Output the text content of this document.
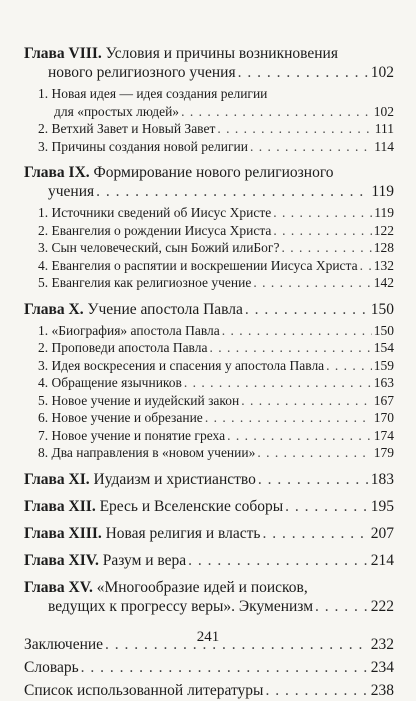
Глава VIII. Условия и причины возникновения
нового религиозного учения . . .	102
1. Новая идея — идея создания религии
для «простых людей» . . .	102
2. Ветхий Завет и Новый Завет . . .	111
3. Причины создания новой религии . . .	114
Глава IX. Формирование нового религиозного
учения . . .	119
1. Источники сведений об Иисус Христе . . .	119
2. Евангелия о рождении Иисуса Христа . . .	122
3. Сын человеческий, сын Божий илиБог? . . .	128
4. Евангелия о распятии и воскрешении Иисуса Христа . . . 132
5. Евангелия как религиозное учение . . .	142
Глава X. Учение апостола Павла . . .	150
1. «Биография» апостола Павла . . .	150
2. Проповеди апостола Павла . . .	154
3. Идея воскресения и спасения у апостола Павла . . .	159
4. Обращение язычников . . .	163
5. Новое учение и иудейский закон . . .	167
6. Новое учение и обрезание . . .	170
7. Новое учение и понятие греха . . .	174
8. Два направления в «новом учении» . . .	179
Глава XI. Иудаизм и христианство . . .	183
Глава XII. Ересь и Вселенские соборы . . .	195
Глава XIII. Новая религия и власть . . .	207
Глава XIV. Разум и вера . . .	214
Глава XV. «Многообразие идей и поисков,
ведущих к прогрессу веры». Экуменизм . . .	222
Заключение . . .	232
Словарь . . .	234
Список использованной литературы . . .	238
241
